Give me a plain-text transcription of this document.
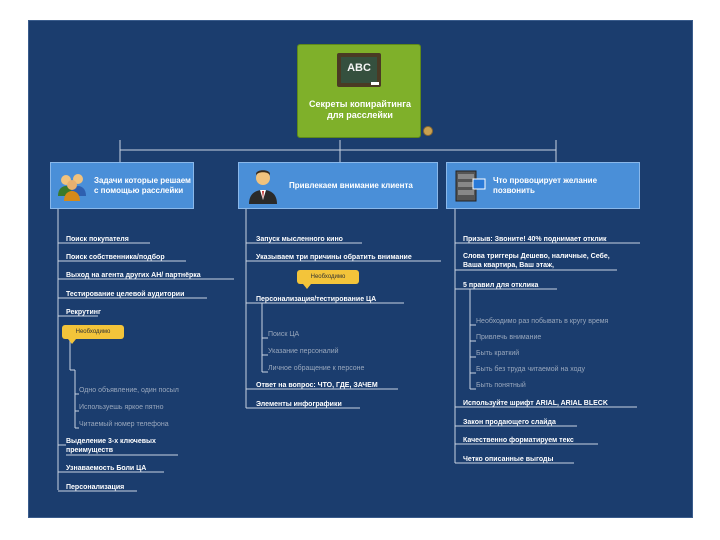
ABC
Секреты копирайтинга для расслейки
Задачи которые решаем с помощью расслейки
Привлекаем внимание клиента
Что провоцирует желание позвонить
Поиск покупателя
Поиск собственника/подбор
Выход на агента других АН/ партнёрка
Тестирование целевой аудитории
Рекрутинг
Необходимо
Одно объявление, один посыл
Используешь яркое пятно
Читаемый номер телефона
Выделение 3-х ключевых преимуществ
Узнаваемость Боли ЦА
Персонализация
Запуск мысленного кино
Указываем три причины обратить внимание
Необходимо
Персонализация/тестирование ЦА
Поиск ЦА
Указание персоналий
Личное обращение к персоне
Ответ на вопрос: ЧТО, ГДЕ, ЗАЧЕМ
Элементы инфографики
Призыв: Звоните! 40% поднимает отклик
Слова триггеры Дешево, наличные, Себе, Ваша квартира, Ваш этаж,
5 правил для отклика
Необходимо раз побывать в кругу время
Привлечь внимание
Быть краткий
Быть без труда читаемой на ходу
Быть понятный
Используйте шрифт ARIAL, ARIAL BLECK
Закон продающего слайда
Качественно форматируем текс
Четко описанные выгоды
